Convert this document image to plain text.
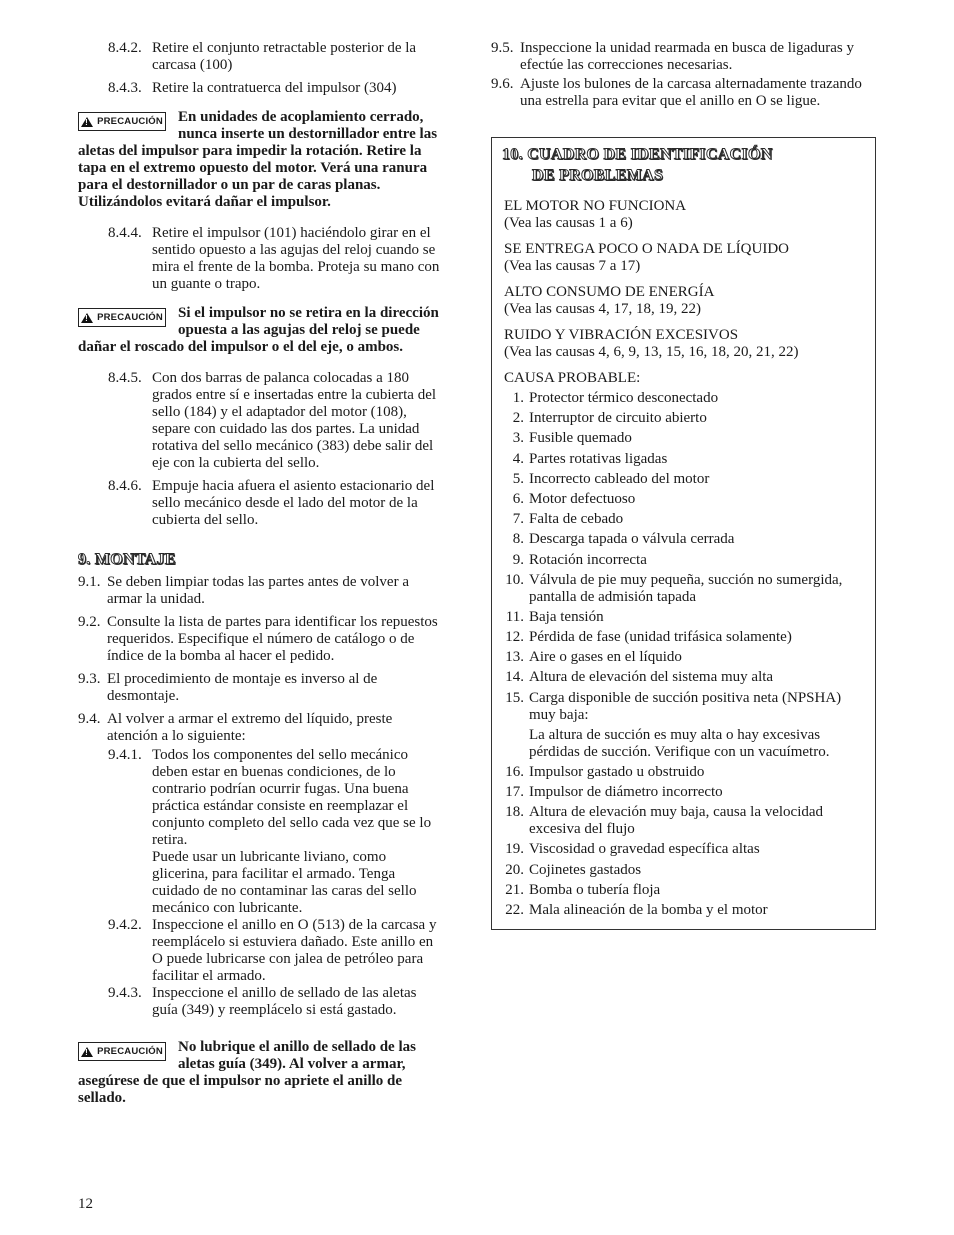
8.4.2. Retire el conjunto retractable posterior de la carcasa (100)
8.4.3. Retire la contratuerca del impulsor (304)
!
PRECAUCIÓN En unidades de acoplamiento cerrado, nunca inserte un destornillador entre las aletas del impulsor para impedir la rotación. Retire la tapa en el extremo opuesto del motor. Verá una ranura para el destornillador o un par de caras planas. Utilizándolos evitará dañar el impulsor.
8.4.4. Retire el impulsor (101) haciéndolo girar en el sentido opuesto a las agujas del reloj cuando se mira el frente de la bomba. Proteja su mano con un guante o trapo.
!
PRECAUCIÓN Si el impulsor no se retira en la dirección opuesta a las agujas del reloj se puede dañar el roscado del impulsor o el del eje, o ambos.
8.4.5. Con dos barras de palanca colocadas a 180 grados entre sí e insertadas entre la cubierta del sello (184) y el adaptador del motor (108), separe con cuidado las dos partes. La unidad rotativa del sello mecánico (383) debe salir del eje con la cubierta del sello.
8.4.6. Empuje hacia afuera el asiento estacionario del sello mecánico desde el lado del motor de la cubierta del sello.
9. MONTAJE
9.1. Se deben limpiar todas las partes antes de volver a armar la unidad.
9.2. Consulte la lista de partes para identificar los repuestos requeridos. Especifique el número de catálogo o de índice de la bomba al hacer el pedido.
9.3. El procedimiento de montaje es inverso al de desmontaje.
9.4. Al volver a armar el extremo del líquido, preste atención a lo siguiente:
9.4.1. Todos los componentes del sello mecánico deben estar en buenas condiciones, de lo contrario podrían ocurrir fugas. Una buena práctica estándar consiste en reemplazar el conjunto completo del sello cada vez que se lo retira.
Puede usar un lubricante liviano, como glicerina, para facilitar el armado. Tenga cuidado de no contaminar las caras del sello mecánico con lubricante.
9.4.2. Inspeccione el anillo en O (513) de la carcasa y reemplácelo si estuviera dañado. Este anillo en O puede lubricarse con jalea de petróleo para facilitar el armado.
9.4.3. Inspeccione el anillo de sellado de las aletas guía (349) y reemplácelo si está gastado.
!
PRECAUCIÓN No lubrique el anillo de sellado de las aletas guía (349). Al volver a armar, asegúrese de que el impulsor no apriete el anillo de sellado.
9.5. Inspeccione la unidad rearmada en busca de ligaduras y efectúe las correcciones necesarias.
9.6. Ajuste los bulones de la carcasa alternadamente trazando una estrella para evitar que el anillo en O se ligue.
10. CUADRO DE IDENTIFICACIÓN
DE PROBLEMAS
EL MOTOR NO FUNCIONA
(Vea las causas 1 a 6)
SE ENTREGA POCO O NADA DE LÍQUIDO
(Vea las causas 7 a 17)
ALTO CONSUMO DE ENERGÍA
(Vea las causas 4, 17, 18, 19, 22)
RUIDO Y VIBRACIÓN EXCESIVOS
(Vea las causas 4, 6, 9, 13, 15, 16, 18, 20, 21, 22)
CAUSA PROBABLE:
1. Protector térmico desconectado
2. Interruptor de circuito abierto
3. Fusible quemado
4. Partes rotativas ligadas
5. Incorrecto cableado del motor
6. Motor defectuoso
7. Falta de cebado
8. Descarga tapada o válvula cerrada
9. Rotación incorrecta
10. Válvula de pie muy pequeña, succión no sumergida, pantalla de admisión tapada
11. Baja tensión
12. Pérdida de fase (unidad trifásica solamente)
13. Aire o gases en el líquido
14. Altura de elevación del sistema muy alta
15. Carga disponible de succión positiva neta (NPSHA) muy baja:
La altura de succión es muy alta o hay excesivas pérdidas de succión. Verifique con un vacuímetro.
16. Impulsor gastado u obstruido
17. Impulsor de diámetro incorrecto
18. Altura de elevación muy baja, causa la velocidad excesiva del flujo
19. Viscosidad o gravedad específica altas
20. Cojinetes gastados
21. Bomba o tubería floja
22. Mala alineación de la bomba y el motor
12
